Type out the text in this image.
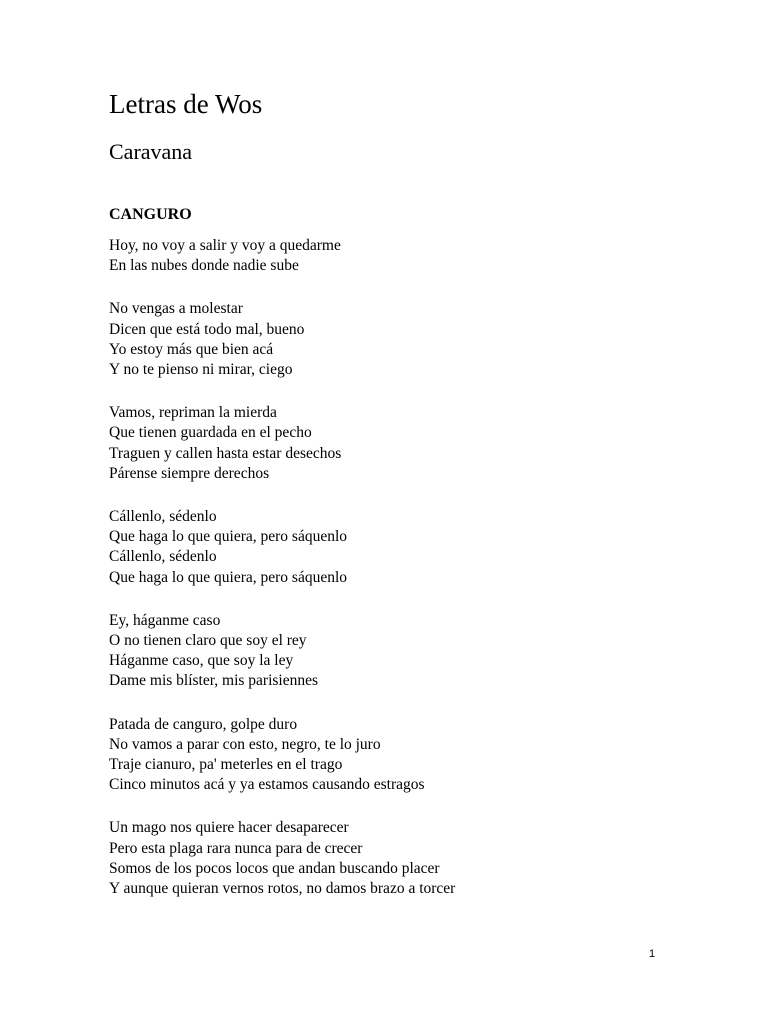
Letras de Wos
Caravana
CANGURO

Hoy, no voy a salir y voy a quedarme
En las nubes donde nadie sube

No vengas a molestar
Dicen que está todo mal, bueno
Yo estoy más que bien acá
Y no te pienso ni mirar, ciego

Vamos, repriman la mierda
Que tienen guardada en el pecho
Traguen y callen hasta estar desechos
Párense siempre derechos

Cállenlo, sédenlo
Que haga lo que quiera, pero sáquenlo
Cállenlo, sédenlo
Que haga lo que quiera, pero sáquenlo

Ey, háganme caso
O no tienen claro que soy el rey
Háganme caso, que soy la ley
Dame mis blíster, mis parisiennes

Patada de canguro, golpe duro
No vamos a parar con esto, negro, te lo juro
Traje cianuro, pa' meterles en el trago
Cinco minutos acá y ya estamos causando estragos

Un mago nos quiere hacer desaparecer
Pero esta plaga rara nunca para de crecer
Somos de los pocos locos que andan buscando placer
Y aunque quieran vernos rotos, no damos brazo a torcer

1
